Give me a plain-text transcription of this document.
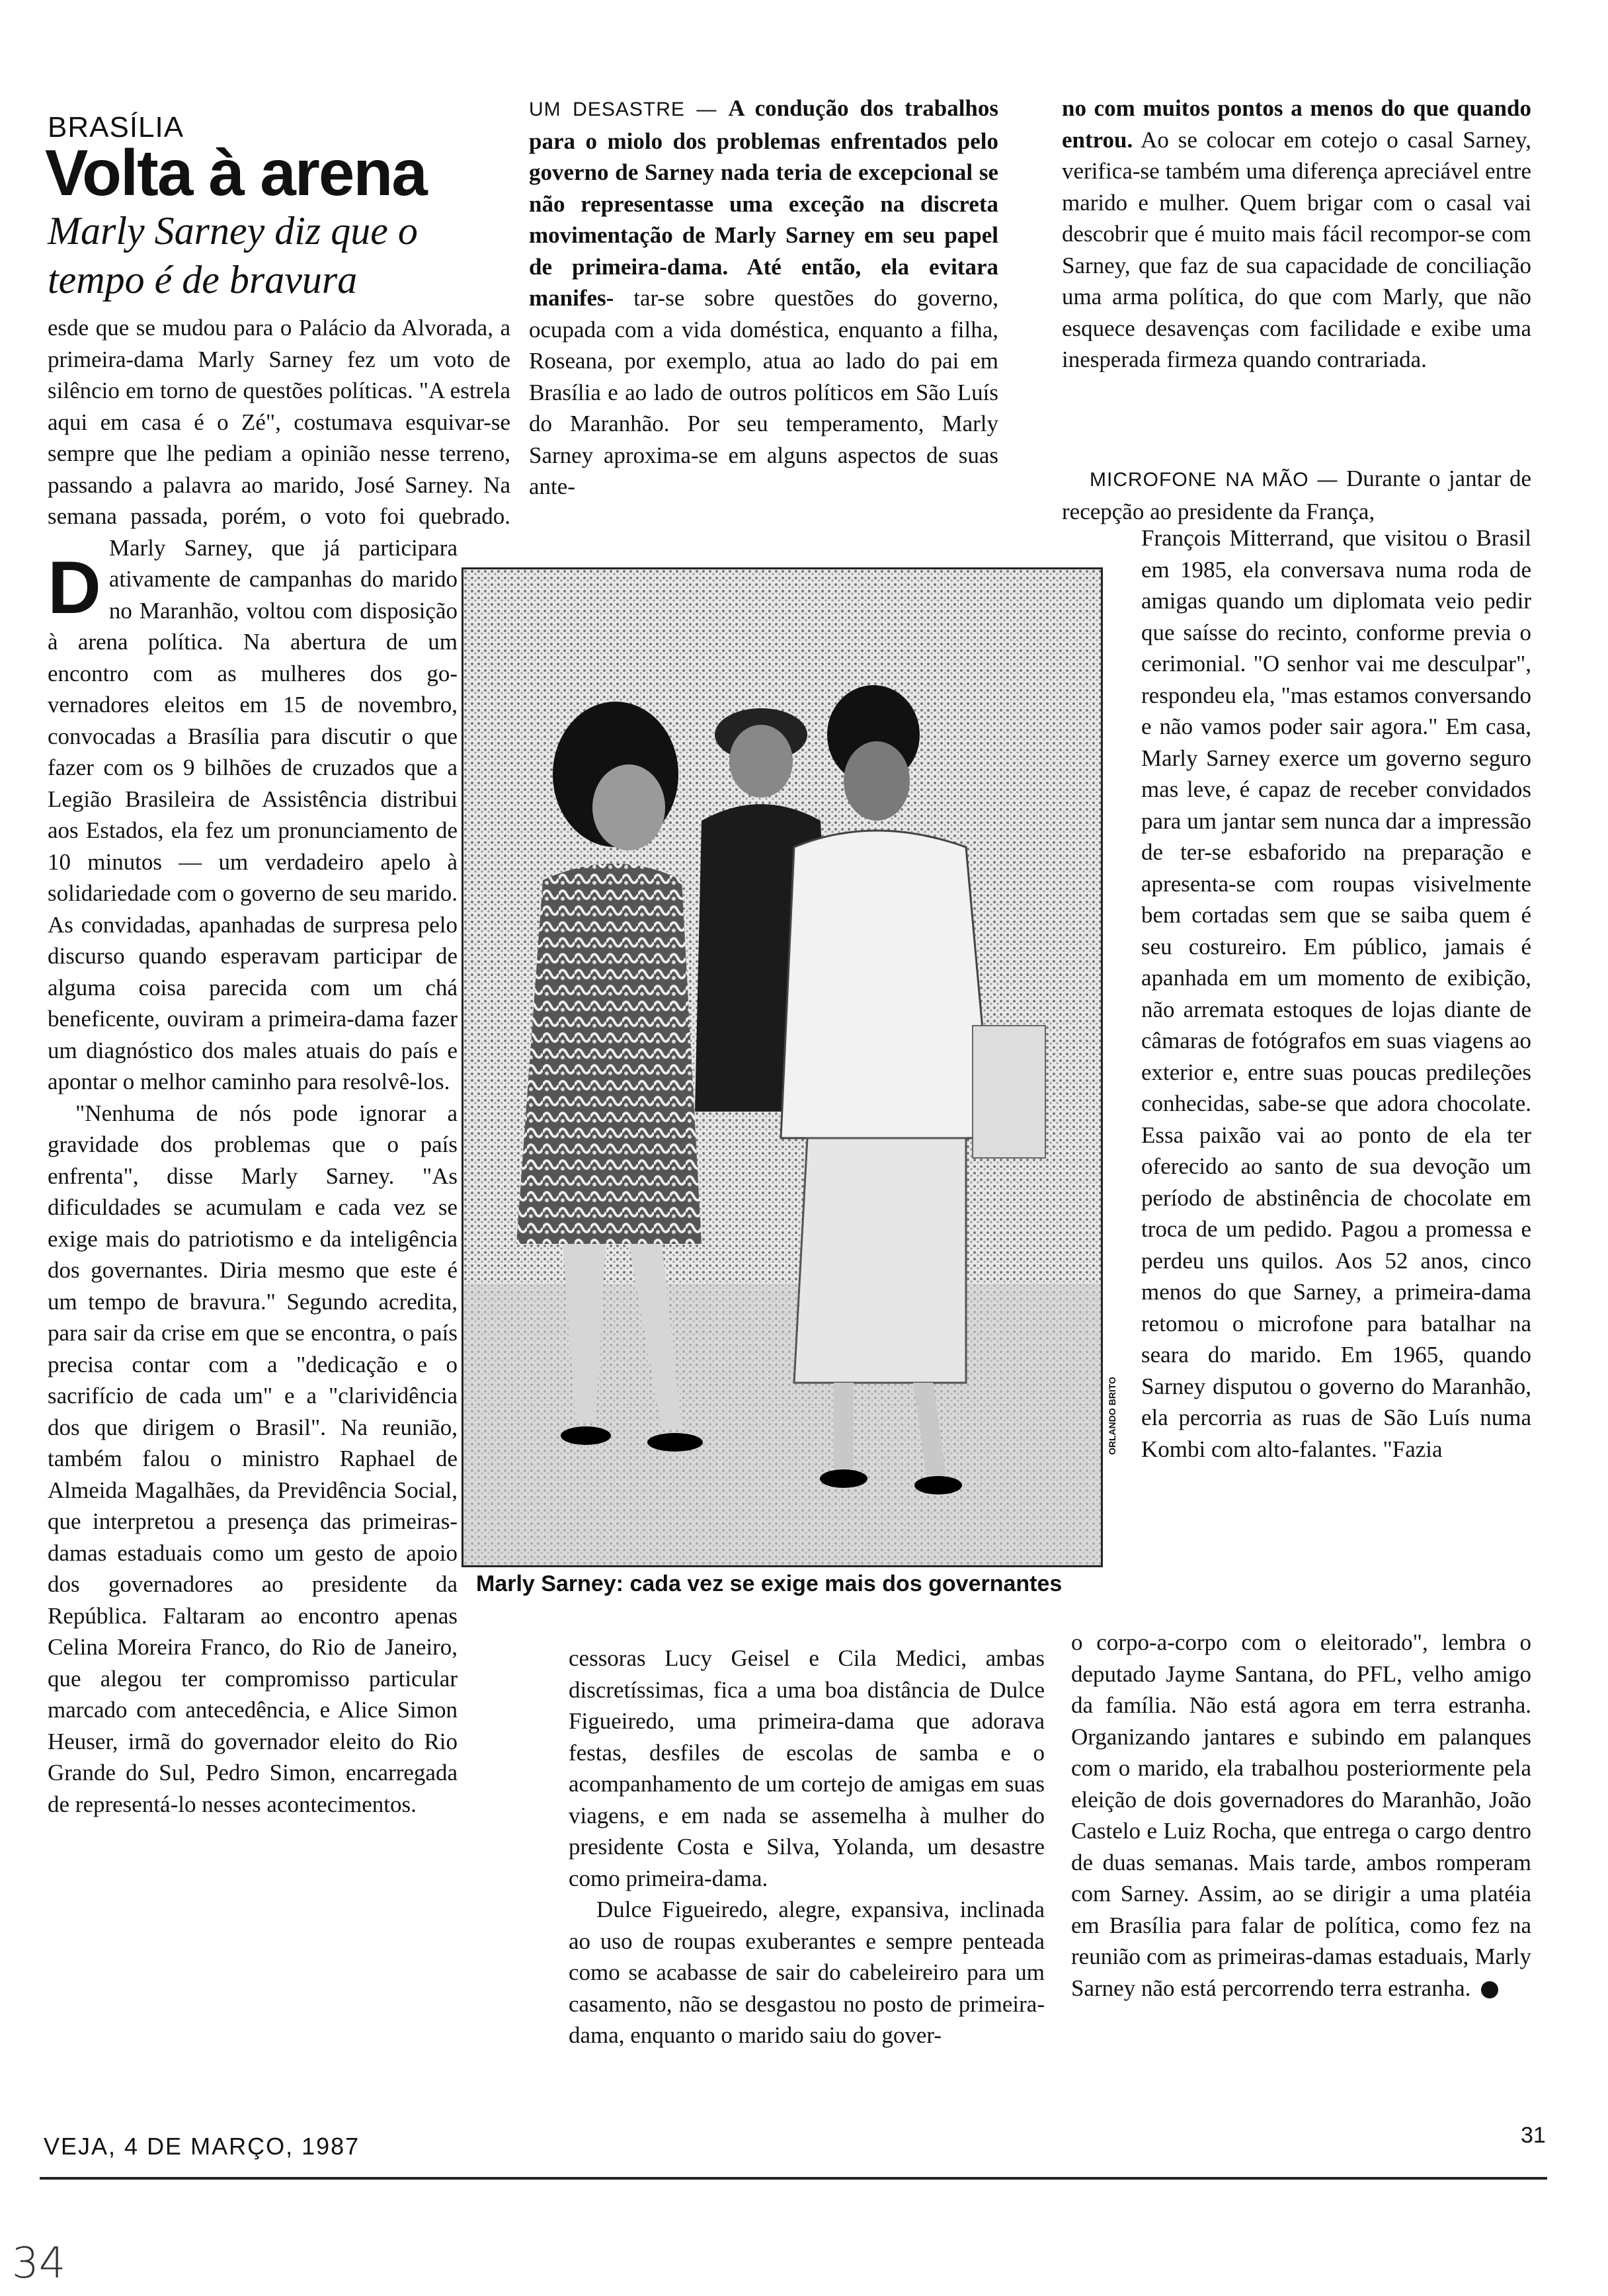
BRASÍLIA
Volta à arena
Marly Sarney diz que o tempo é de bravura

D
esde que se mudou para o Palácio da Alvorada, a primeira-dama Marly Sarney fez um voto de silêncio em torno de questões políticas. "A estrela aqui em casa é o Zé", costumava esquivar-se sempre que lhe pediam a opinião nesse terreno, passando a palavra ao marido, José Sarney. Na semana passada, porém, o voto foi quebrado. Marly Sarney, que já participara ativamente de campanhas do marido no Maranhão, voltou com disposição à arena política. Na abertura de um encontro com as mulheres dos go-vernadores eleitos em 15 de novembro, convocadas a Brasília para discutir o que fazer com os 9 bilhões de cruzados que a Legião Brasileira de Assistência distribui aos Estados, ela fez um pronunciamento de 10 minutos — um verdadeiro apelo à solidariedade com o governo de seu marido. As convidadas, apanhadas de surpresa pelo discurso quando esperavam participar de alguma coisa parecida com um chá beneficente, ouviram a primeira-dama fazer um diagnóstico dos males atuais do país e apontar o melhor caminho para resolvê-los.

"Nenhuma de nós pode ignorar a gravidade dos problemas que o país enfrenta", disse Marly Sarney. "As dificuldades se acumulam e cada vez se exige mais do patriotismo e da inteligência dos governantes. Diria mesmo que este é um tempo de bravura." Segundo acredita, para sair da crise em que se encontra, o país precisa contar com a "dedicação e o sacrifício de cada um" e a "clarividência dos que dirigem o Brasil". Na reunião, também falou o ministro Raphael de Almeida Magalhães, da Previdência Social, que interpretou a presença das primeiras-damas estaduais como um gesto de apoio dos governadores ao presidente da República. Faltaram ao encontro apenas Celina Moreira Franco, do Rio de Janeiro, que alegou ter compromisso particular marcado com antecedência, e Alice Simon Heuser, irmã do governador eleito do Rio Grande do Sul, Pedro Simon, encarregada de representá-lo nesses acontecimentos.

UM DESASTRE — A condução dos trabalhos para o miolo dos problemas enfrentados pelo governo de Sarney nada teria de excepcional se não representasse uma exceção na discreta movimentação de Marly Sarney em seu papel de primeira-dama. Até então, ela evitara manifes- tar-se sobre questões do governo, ocupada com a vida doméstica, enquanto a filha, Roseana, por exemplo, atua ao lado do pai em Brasília e ao lado de outros políticos em São Luís do Maranhão. Por seu temperamento, Marly Sarney aproxima-se em alguns aspectos de suas ante-

Marly Sarney: cada vez se exige mais dos governantes
ORLANDO BRITO

cessoras Lucy Geisel e Cila Medici, ambas discretíssimas, fica a uma boa distância de Dulce Figueiredo, uma primeira-dama que adorava festas, desfiles de escolas de samba e o acompanhamento de um cortejo de amigas em suas viagens, e em nada se assemelha à mulher do presidente Costa e Silva, Yolanda, um desastre como primeira-dama.

Dulce Figueiredo, alegre, expansiva, inclinada ao uso de roupas exuberantes e sempre penteada como se acabasse de sair do cabeleireiro para um casamento, não se desgastou no posto de primeira-dama, enquanto o marido saiu do gover-

no com muitos pontos a menos do que quando entrou. Ao se colocar em cotejo o casal Sarney, verifica-se também uma diferença apreciável entre marido e mulher. Quem brigar com o casal vai descobrir que é muito mais fácil recompor-se com Sarney, que faz de sua capacidade de conciliação uma arma política, do que com Marly, que não esquece desavenças com facilidade e exibe uma inesperada firmeza quando contrariada.

MICROFONE NA MÃO — Durante o jantar de recepção ao presidente da França,

François Mitterrand, que visitou o Brasil em 1985, ela conversava numa roda de amigas quando um diplomata veio pedir que saísse do recinto, conforme previa o cerimonial. "O senhor vai me desculpar", respondeu ela, "mas estamos conversando e não vamos poder sair agora." Em casa, Marly Sarney exerce um governo seguro mas leve, é capaz de receber convidados para um jantar sem nunca dar a impressão de ter-se esbaforido na preparação e apresenta-se com roupas visivelmente bem cortadas sem que se saiba quem é seu costureiro. Em público, jamais é apanhada em um momento de exibição, não arremata estoques de lojas diante de câmaras de fotógrafos em suas viagens ao exterior e, entre suas poucas predileções conhecidas, sabe-se que adora chocolate. Essa paixão vai ao ponto de ela ter oferecido ao santo de sua devoção um período de abstinência de chocolate em troca de um pedido. Pagou a promessa e perdeu uns quilos. Aos 52 anos, cinco menos do que Sarney, a primeira-dama retomou o microfone para batalhar na seara do marido. Em 1965, quando Sarney disputou o governo do Maranhão, ela percorria as ruas de São Luís numa Kombi com alto-falantes. "Fazia

o corpo-a-corpo com o eleitorado", lembra o deputado Jayme Santana, do PFL, velho amigo da família. Não está agora em terra estranha. Organizando jantares e subindo em palanques com o marido, ela trabalhou posteriormente pela eleição de dois governadores do Maranhão, João Castelo e Luiz Rocha, que entrega o cargo dentro de duas semanas. Mais tarde, ambos romperam com Sarney. Assim, ao se dirigir a uma platéia em Brasília para falar de política, como fez na reunião com as primeiras-damas estaduais, Marly Sarney não está percorrendo terra estranha.

VEJA, 4 DE MARÇO, 1987	31
34
